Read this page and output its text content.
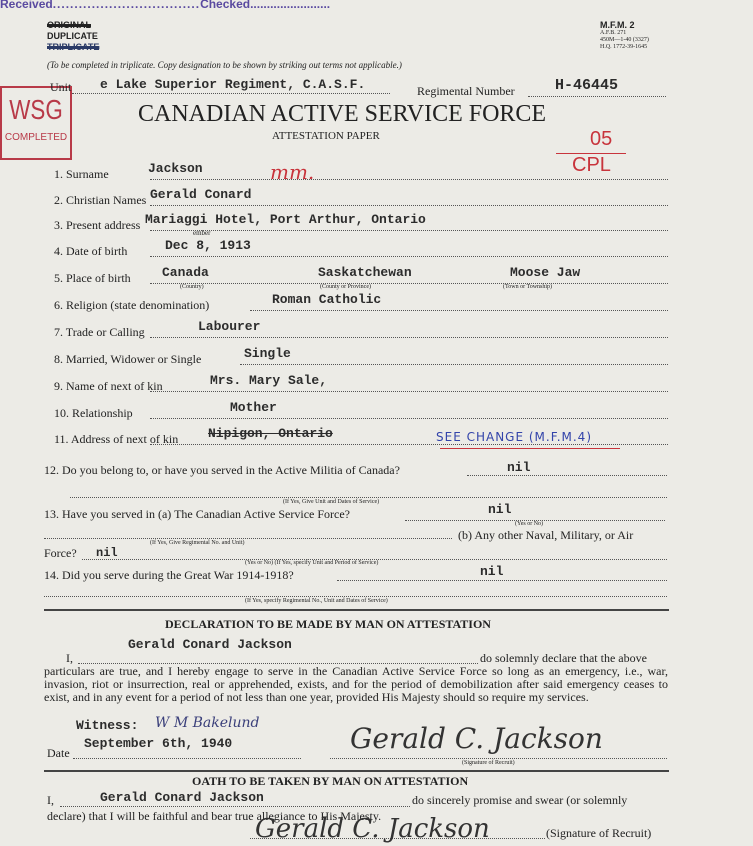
Received..................................Checked........................
ORIGINAL
DUPLICATE
TRIPLICATE
(To be completed in triplicate. Copy designation to be shown by striking out terms not applicable.)
M.F.M. 2
A.F.B. 271
450M—1-40 (3327)
H.Q. 1772-39-1645
WSG
COMPLETED
Unit e Lake Superior Regiment, C.A.S.F.	Regimental Number	H-46445
CANADIAN ACTIVE SERVICE FORCE
ATTESTATION PAPER	05
CPL
mm.
1. Surname	Jackson
2. Christian Names Gerald Conard
3. Present address Mariaggi Hotel, Port Arthur, Ontario
4. Date of birth	Dec 8, 1913
ember
5. Place of birth Canada	Saskatchewan	Moose Jaw
(Country)	(County or Province)	(Town or Township)
6. Religion (state denomination)	Roman Catholic
7. Trade or Calling	Labourer
8. Married, Widower or Single	Single
9. Name of next of kin	Mrs. Mary Sale,
10. Relationship	Mother
11. Address of next of kin Nipigon, Ontario	SEE CHANGE (M.F.M.4)
12. Do you belong to, or have you served in the Active Militia of Canada?	nil
(If Yes, Give Unit and Dates of Service)
13. Have you served in (a) The Canadian Active Service Force?	nil
(Yes or No)
(b) Any other Naval, Military, or Air
(If Yes, Give Regimental No. and Unit)
Force? nil
(Yes or No) (If Yes, specify Unit and Period of Service)
14. Did you serve during the Great War 1914-1918?	nil
(If Yes, specify Regimental No., Unit and Dates of Service)
DECLARATION TO BE MADE BY MAN ON ATTESTATION
I,
Gerald Conard Jackson
do solemnly declare that the above
particulars are true, and I hereby engage to serve in the Canadian Active Service Force so long as an emergency, i.e., war, invasion, riot or insurrection, real or apprehended, exists, and for the period of demobilization after said emergency ceases to exist, and in any event for a period of not less than one year, provided His Majesty should so require my services.
Witness: W M Bakelund
Date
September 6th, 1940	Gerald C. Jackson
(Signature of Recruit)
OATH TO BE TAKEN BY MAN ON ATTESTATION
I,	Gerald Conard Jackson	do sincerely promise and swear (or solemnly
declare) that I will be faithful and bear true allegiance to His Majesty.
Gerald C. Jackson	(Signature of Recruit)
